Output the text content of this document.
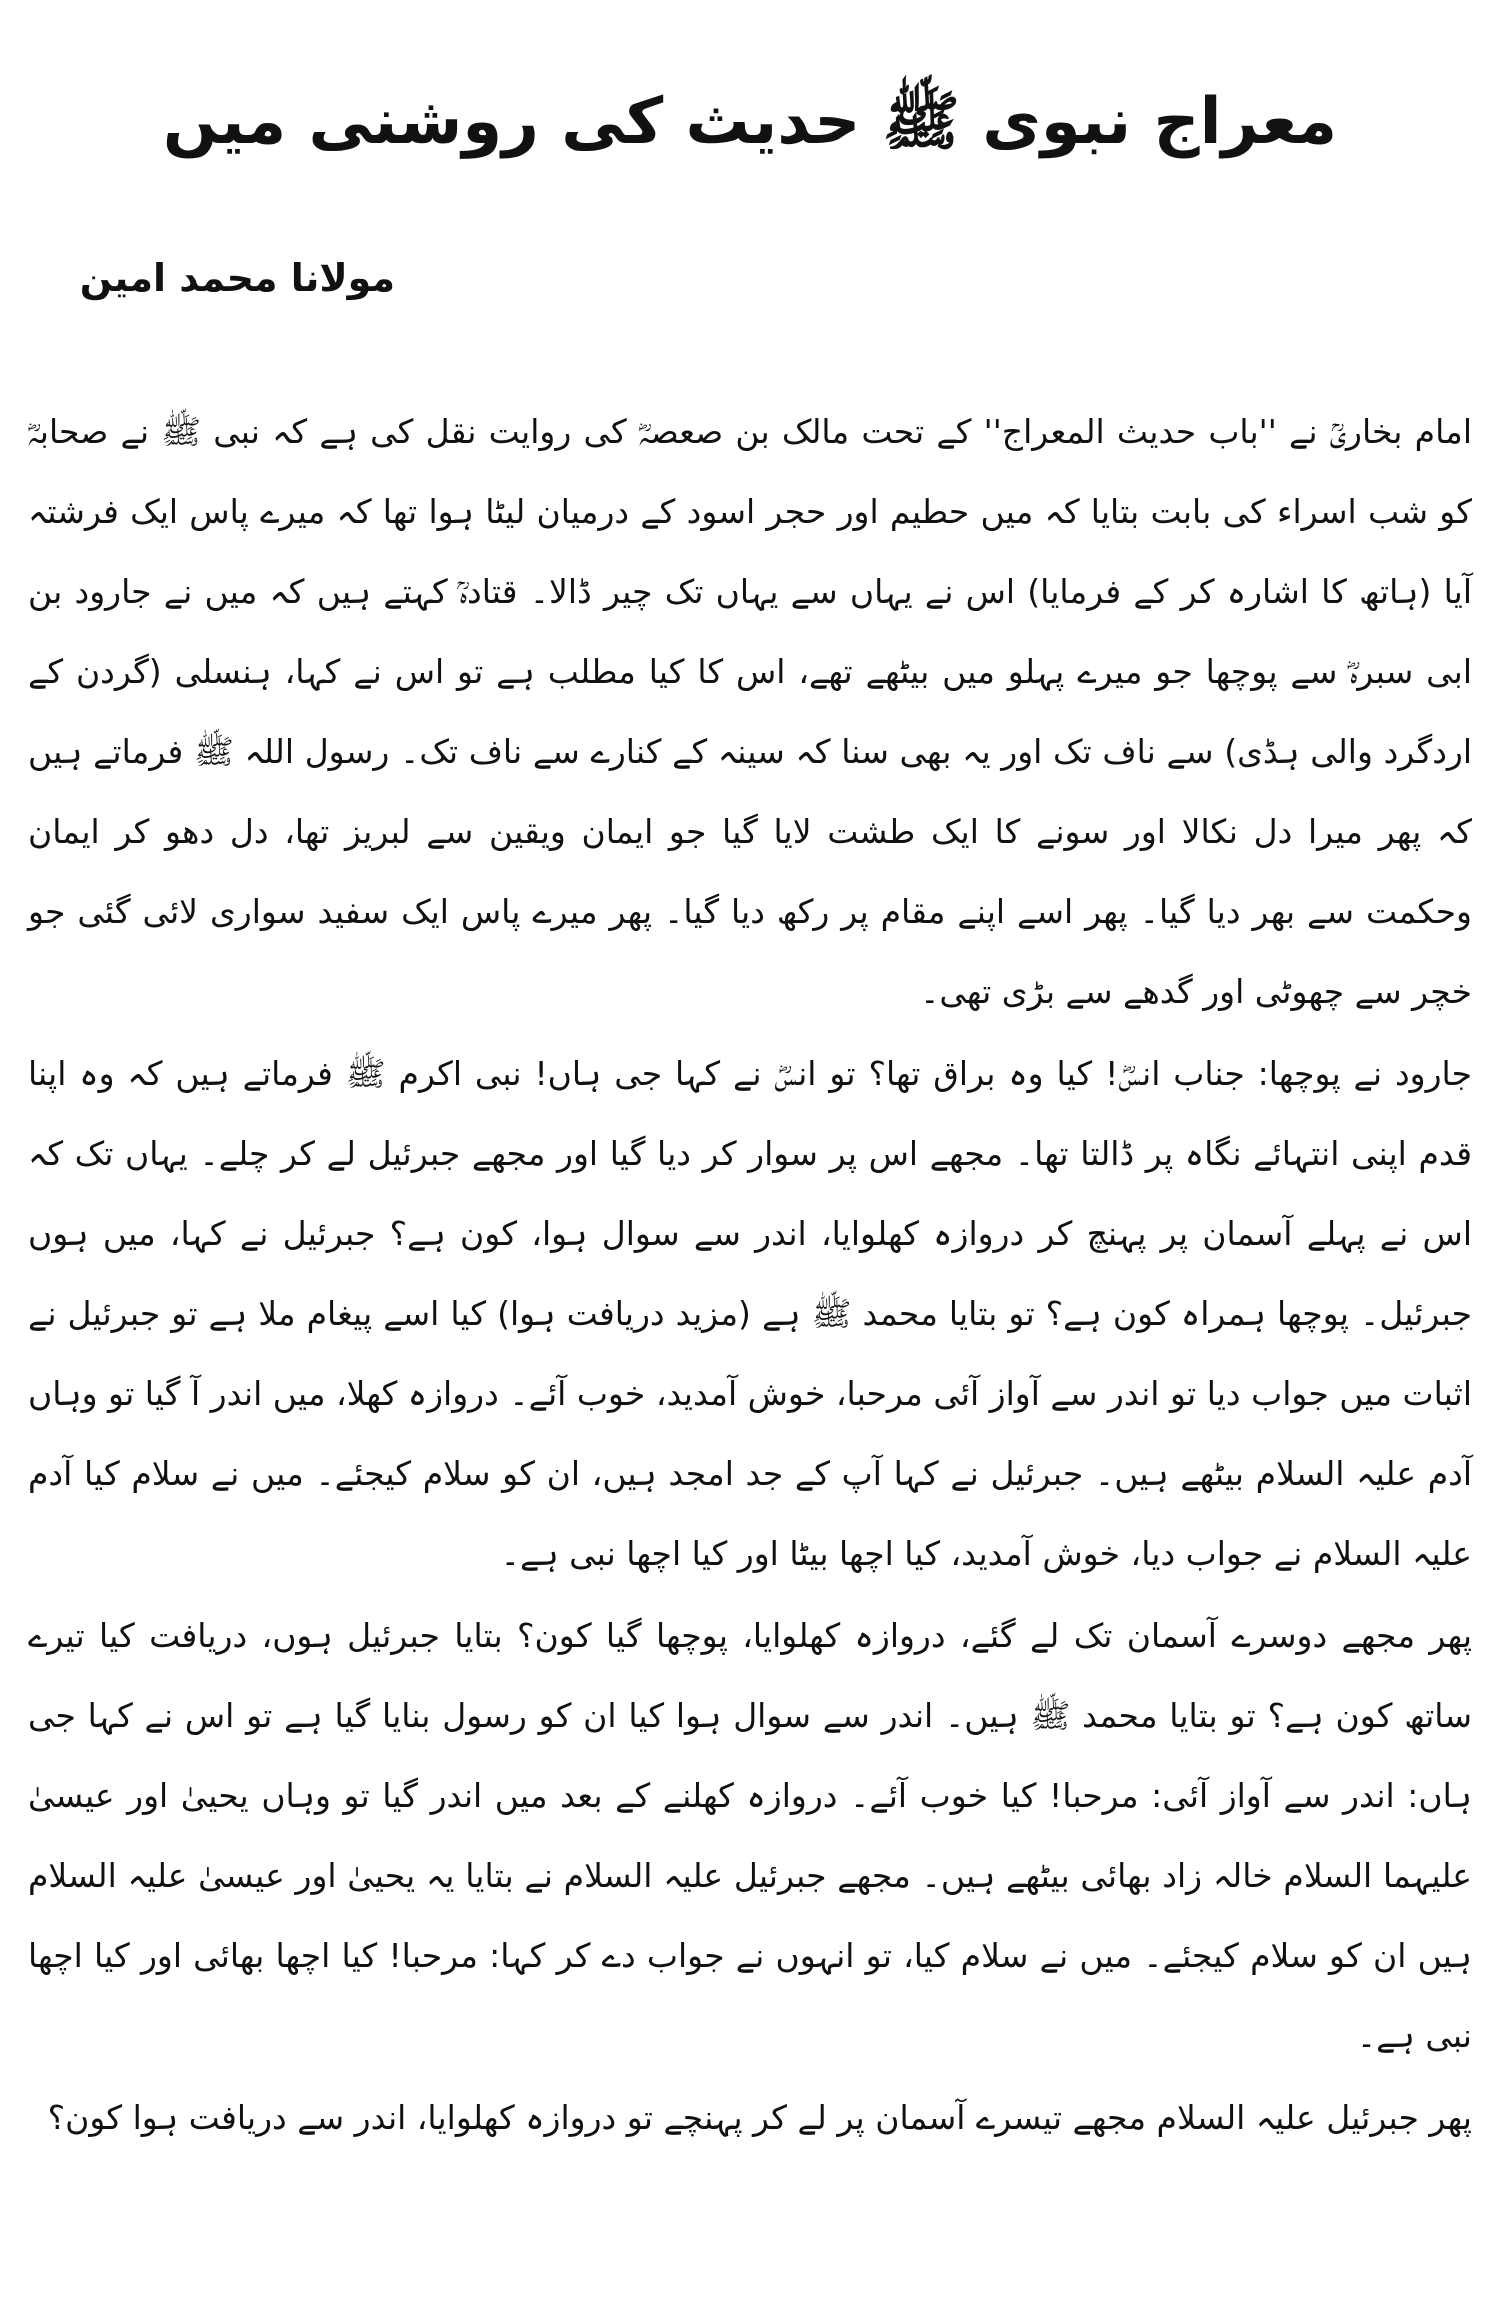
معراج نبوی ﷺ حدیث کی روشنی میں
مولانا محمد امین

امام بخاریؒ نے ''باب حدیث المعراج'' کے تحت مالک بن صعصہؓ کی روایت نقل کی ہے کہ نبی ﷺ نے صحابہؓ کو شب اسراء کی بابت بتایا کہ میں حطیم اور حجر اسود کے درمیان لیٹا ہوا تھا کہ میرے پاس ایک فرشتہ آیا (ہاتھ کا اشارہ کر کے فرمایا) اس نے یہاں سے یہاں تک چیر ڈالا۔ قتادہؒ کہتے ہیں کہ میں نے جارود بن ابی سبرہؓ سے پوچھا جو میرے پہلو میں بیٹھے تھے، اس کا کیا مطلب ہے تو اس نے کہا، ہنسلی (گردن کے اردگرد والی ہڈی) سے ناف تک اور یہ بھی سنا کہ سینہ کے کنارے سے ناف تک۔ رسول اللہ ﷺ فرماتے ہیں کہ پھر میرا دل نکالا اور سونے کا ایک طشت لایا گیا جو ایمان ویقین سے لبریز تھا، دل دھو کر ایمان وحکمت سے بھر دیا گیا۔ پھر اسے اپنے مقام پر رکھ دیا گیا۔ پھر میرے پاس ایک سفید سواری لائی گئی جو خچر سے چھوٹی اور گدھے سے بڑی تھی۔

جارود نے پوچھا: جناب انسؓ! کیا وہ براق تھا؟ تو انسؓ نے کہا جی ہاں! نبی اکرم ﷺ فرماتے ہیں کہ وہ اپنا قدم اپنی انتہائے نگاہ پر ڈالتا تھا۔ مجھے اس پر سوار کر دیا گیا اور مجھے جبرئیل لے کر چلے۔ یہاں تک کہ اس نے پہلے آسمان پر پہنچ کر دروازہ کھلوایا، اندر سے سوال ہوا، کون ہے؟ جبرئیل نے کہا، میں ہوں جبرئیل۔ پوچھا ہمراہ کون ہے؟ تو بتایا محمد ﷺ ہے (مزید دریافت ہوا) کیا اسے پیغام ملا ہے تو جبرئیل نے اثبات میں جواب دیا تو اندر سے آواز آئی مرحبا، خوش آمدید، خوب آئے۔ دروازہ کھلا، میں اندر آ گیا تو وہاں آدم علیہ السلام بیٹھے ہیں۔ جبرئیل نے کہا آپ کے جد امجد ہیں، ان کو سلام کیجئے۔ میں نے سلام کیا آدم علیہ السلام نے جواب دیا، خوش آمدید، کیا اچھا بیٹا اور کیا اچھا نبی ہے۔

پھر مجھے دوسرے آسمان تک لے گئے، دروازہ کھلوایا، پوچھا گیا کون؟ بتایا جبرئیل ہوں، دریافت کیا تیرے ساتھ کون ہے؟ تو بتایا محمد ﷺ ہیں۔ اندر سے سوال ہوا کیا ان کو رسول بنایا گیا ہے تو اس نے کہا جی ہاں: اندر سے آواز آئی: مرحبا! کیا خوب آئے۔ دروازہ کھلنے کے بعد میں اندر گیا تو وہاں یحییٰ اور عیسیٰ علیہما السلام خالہ زاد بھائی بیٹھے ہیں۔ مجھے جبرئیل علیہ السلام نے بتایا یہ یحییٰ اور عیسیٰ علیہ السلام ہیں ان کو سلام کیجئے۔ میں نے سلام کیا، تو انہوں نے جواب دے کر کہا: مرحبا! کیا اچھا بھائی اور کیا اچھا نبی ہے۔

پھر جبرئیل علیہ السلام مجھے تیسرے آسمان پر لے کر پہنچے تو دروازہ کھلوایا، اندر سے دریافت ہوا کون؟
